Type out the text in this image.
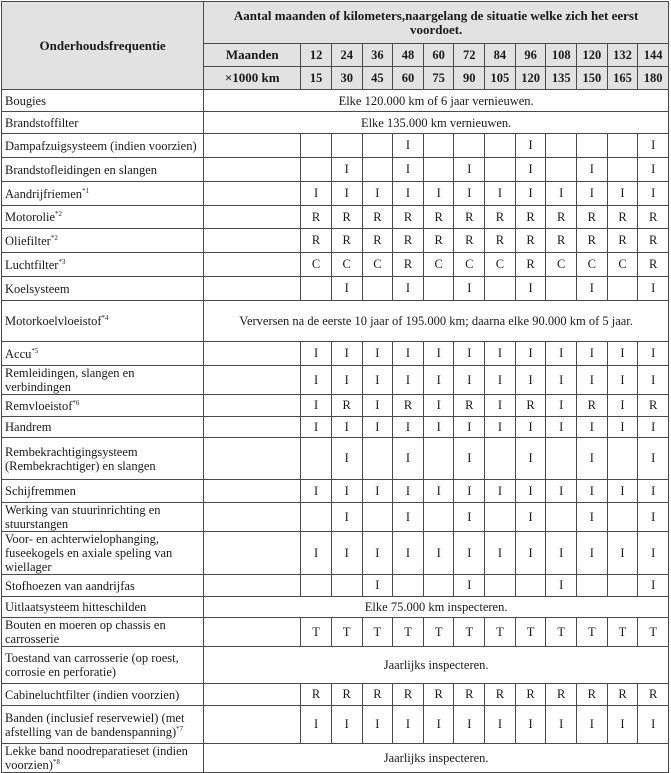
Onderhoudsfrequentie	Aantal maanden of kilometers,naargelang de situatie welke zich het eerst voordoet.												
	Maanden	12	24	36	48	60	72	84	96	108	120	132	144
	×1000 km	15	30	45	60	75	90	105	120	135	150	165	180
Bougies	Elke 120.000 km of 6 jaar vernieuwen.												
Brandstoffilter	Elke 135.000 km vernieuwen.												
Dampafzuigsysteem (indien voorzien)					I				I				I
Brandstofleidingen en slangen			I		I		I		I		I		I
Aandrijfriemen$^{*1}$		I	I	I	I	I	I	I	I	I	I	I	I
Motorolie$^{*2}$		R	R	R	R	R	R	R	R	R	R	R	R
Oliefilter$^{*2}$		R	R	R	R	R	R	R	R	R	R	R	R
Luchtfilter$^{*3}$		C	C	C	R	C	C	C	R	C	C	C	R
Koelsysteem			I		I		I		I		I		I
Motorkoelvloeistof$^{*4}$	Verversen na de eerste 10 jaar of 195.000 km; daarna elke 90.000 km of 5 jaar.												
Accu$^{*5}$		I	I	I	I	I	I	I	I	I	I	I	I
Remleidingen, slangen en verbindingen		I	I	I	I	I	I	I	I	I	I	I	I
Remvloeistof$^{*6}$		I	R	I	R	I	R	I	R	I	R	I	R
Handrem		I	I	I	I	I	I	I	I	I	I	I	I
Rembekrachtigingsysteem (Rembekrachtiger) en slangen			I		I		I		I		I		I
Schijfremmen		I	I	I	I	I	I	I	I	I	I	I	I
Werking van stuurinrichting en stuurstangen			I		I		I		I		I		I
Voor- en achterwielophanging, fuseekogels en axiale speling van wiellager		I	I	I	I	I	I	I	I	I	I	I	I
Stofhoezen van aandrijfas				I			I			I			I
Uitlaatsysteem hitteschilden	Elke 75.000 km inspecteren.												
Bouten en moeren op chassis en carrosserie		T	T	T	T	T	T	T	T	T	T	T	T
Toestand van carrosserie (op roest, corrosie en perforatie)	Jaarlijks inspecteren.												
Cabineluchtfilter (indien voorzien)		R	R	R	R	R	R	R	R	R	R	R	R
Banden (inclusief reservewiel) (met afstelling van de bandenspanning)$^{*7}$		I	I	I	I	I	I	I	I	I	I	I	I
Lekke band noodreparatieset (indien voorzien)$^{*8}$	Jaarlijks inspecteren.												
